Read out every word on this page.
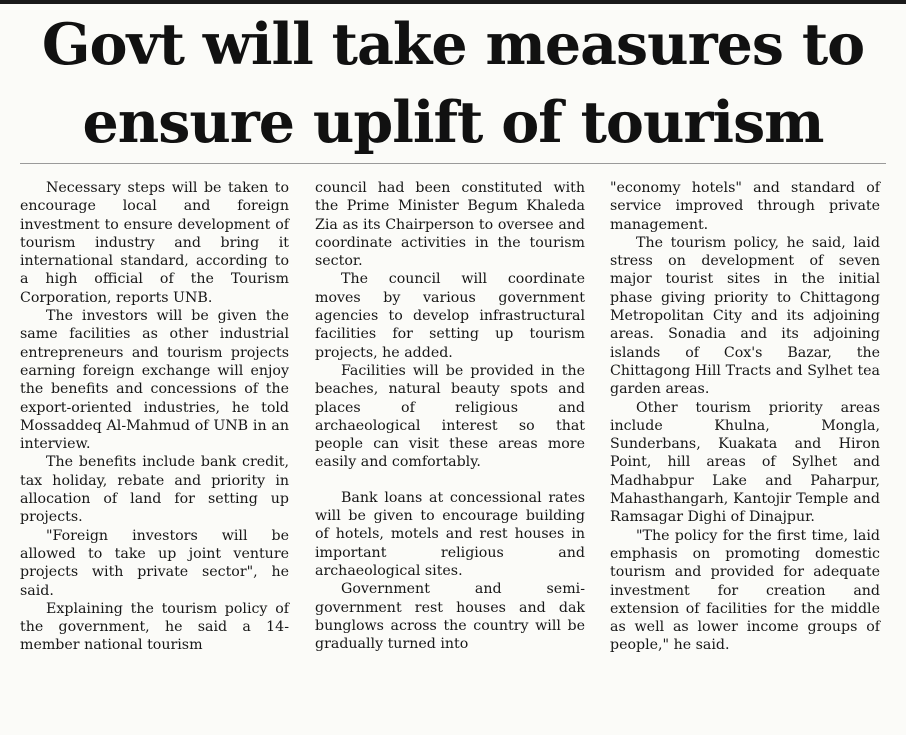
Govt will take measures to
ensure uplift of tourism

Necessary steps will be taken to encourage local and foreign investment to ensure development of tourism industry and bring it international standard, according to a high official of the Tourism Corporation, reports UNB.

The investors will be given the same facilities as other industrial entrepreneurs and tourism projects earning foreign exchange will enjoy the benefits and concessions of the export-oriented industries, he told Mossaddeq Al-Mahmud of UNB in an interview.

The benefits include bank credit, tax holiday, rebate and priority in allocation of land for setting up projects.

"Foreign investors will be allowed to take up joint venture projects with private sector", he said.

Explaining the tourism policy of the government, he said a 14-member national tourism

council had been constituted with the Prime Minister Begum Khaleda Zia as its Chairperson to oversee and coordinate activities in the tourism sector.

The council will coordinate moves by various government agencies to develop infrastructural facilities for setting up tourism projects, he added.

Facilities will be provided in the beaches, natural beauty spots and places of religious and archaeological interest so that people can visit these areas more easily and comfortably.

Bank loans at concessional rates will be given to encourage building of hotels, motels and rest houses in important religious and archaeological sites.

Government and semi-government rest houses and dak bunglows across the country will be gradually turned into

"economy hotels" and standard of service improved through private management.

The tourism policy, he said, laid stress on development of seven major tourist sites in the initial phase giving priority to Chittagong Metropolitan City and its adjoining areas. Sonadia and its adjoining islands of Cox's Bazar, the Chittagong Hill Tracts and Sylhet tea garden areas.

Other tourism priority areas include Khulna, Mongla, Sunderbans, Kuakata and Hiron Point, hill areas of Sylhet and Madhabpur Lake and Paharpur, Mahasthangarh, Kantojir Temple and Ramsagar Dighi of Dinajpur.

"The policy for the first time, laid emphasis on promoting domestic tourism and provided for adequate investment for creation and extension of facilities for the middle as well as lower income groups of people," he said.
